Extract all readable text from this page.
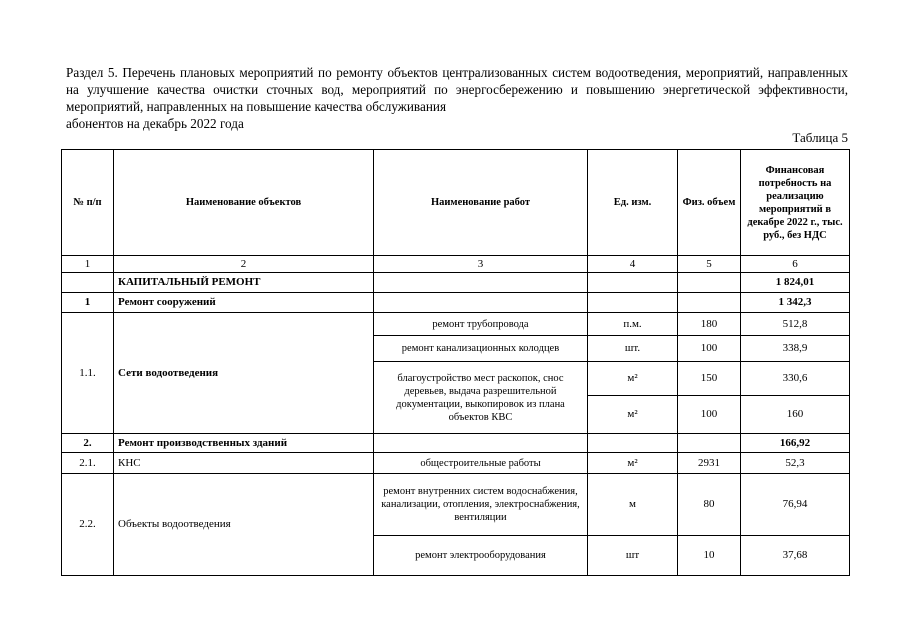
Раздел 5. Перечень плановых мероприятий по ремонту объектов централизованных систем водоотведения, мероприятий, направленных на улучшение качества очистки сточных вод, мероприятий по энергосбережению и повышению энергетической эффективности, мероприятий, направленных на повышение качества обслуживания

абонентов на декабрь 2022 года

Таблица 5
№ п/п	Наименование объектов	Наименование работ	Ед. изм.	Физ. объем	Финансовая потребность на реализацию мероприятий в декабре 2022 г., тыс. руб., без НДС
1	2	3	4	5	6
	КАПИТАЛЬНЫЙ РЕМОНТ				1 824,01
1	Ремонт сооружений				1 342,3
1.1.	Сети водоотведения	ремонт трубопровода	п.м.	180	512,8
		ремонт канализационных колодцев	шт.	100	338,9
		благоустройство мест раскопок, снос деревьев, выдача разрешительной документации, выкопировок из плана объектов КВС	м²	150	330,6
			м²	100	160
2.	Ремонт производственных зданий				166,92
2.1.	КНС	общестроительные работы	м²	2931	52,3
2.2.	Объекты водоотведения	ремонт внутренних систем водоснабжения, канализации, отопления, электроснабжения, вентиляции	м	80	76,94
		ремонт электрооборудования	шт	10	37,68
